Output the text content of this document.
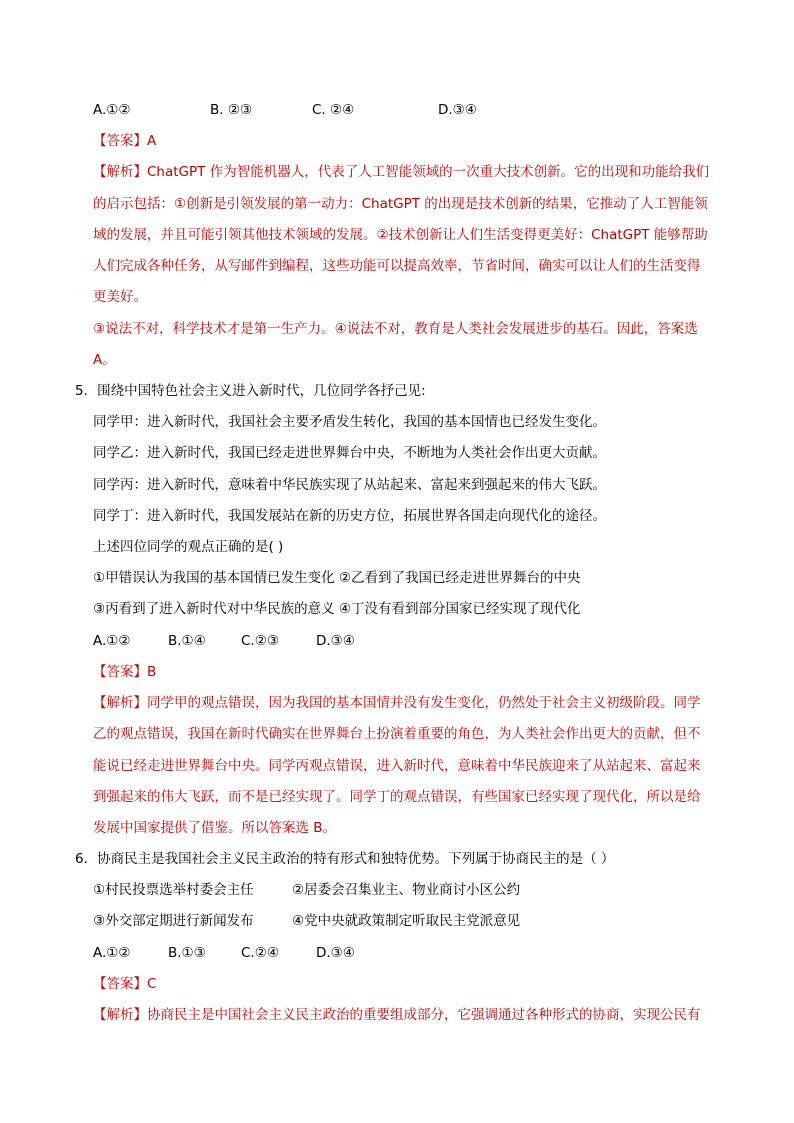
A.①②	B. ②③	C. ②④	D.③④
【答案】A
【解析】ChatGPT 作为智能机器人，代表了人工智能领域的一次重大技术创新。它的出现和功能给我们
的启示包括：①创新是引领发展的第一动力：ChatGPT 的出现是技术创新的结果，它推动了人工智能领
域的发展，并且可能引领其他技术领域的发展。②技术创新让人们生活变得更美好：ChatGPT 能够帮助
人们完成各种任务，从写邮件到编程，这些功能可以提高效率，节省时间，确实可以让人们的生活变得
更美好。
③说法不对，科学技术才是第一生产力。④说法不对，教育是人类社会发展进步的基石。因此，答案选
A。
5．围绕中国特色社会主义进入新时代，几位同学各抒己见:
同学甲：进入新时代，我国社会主要矛盾发生转化，我国的基本国情也已经发生变化。
同学乙：进入新时代，我国已经走进世界舞台中央，不断地为人类社会作出更大贡献。
同学丙：进入新时代，意味着中华民族实现了从站起来、富起来到强起来的伟大飞跃。
同学丁：进入新时代，我国发展站在新的历史方位，拓展世界各国走向现代化的途径。
上述四位同学的观点正确的是( )
①甲错误认为我国的基本国情已发生变化 ②乙看到了我国已经走进世界舞台的中央
③丙看到了进入新时代对中华民族的意义 ④丁没有看到部分国家已经实现了现代化
A.①②	B.①④	C.②③	D.③④
【答案】B
【解析】同学甲的观点错误，因为我国的基本国情并没有发生变化，仍然处于社会主义初级阶段。同学
乙的观点错误，我国在新时代确实在世界舞台上扮演着重要的角色，为人类社会作出更大的贡献，但不
能说已经走进世界舞台中央。同学丙观点错误，进入新时代，意味着中华民族迎来了从站起来、富起来
到强起来的伟大飞跃，而不是已经实现了。同学丁的观点错误，有些国家已经实现了现代化，所以是给
发展中国家提供了借鉴。所以答案选 B。
6．协商民主是我国社会主义民主政治的特有形式和独特优势。下列属于协商民主的是（ ）
①村民投票选举村委会主任	②居委会召集业主、物业商讨小区公约
③外交部定期进行新闻发布	④党中央就政策制定听取民主党派意见
A.①②	B.①③	C.②④	D.③④
【答案】C
【解析】协商民主是中国社会主义民主政治的重要组成部分，它强调通过各种形式的协商，实现公民有
